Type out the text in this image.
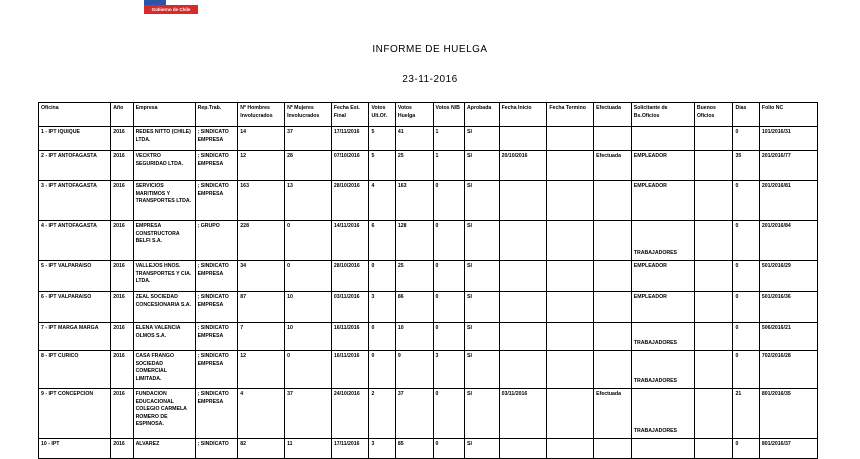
Gobierno de Chile
INFORME DE HUELGA
23-11-2016
Oficina	Año	Empresa	Rep.Trab.	Nº Hombres Involucrados	Nº Mujeres Involucrados	Fecha Est. Final	Votos Ult.Of.	Votos Huelga	Votos N/B	Aprobada	Fecha Inicio	Fecha Termino	Efectuada	Solicitante de Bs.Oficios	Buenos Oficios	Días	Folio NC
1 - IPT IQUIQUE	2016	REDES NITTO (CHILE) LTDA.	; SINDICATO EMPRESA	14	37	17/11/2016	5	41	1	SI						0	101/2016/31
2 - IPT ANTOFAGASTA	2016	VECKTRO SEGURIDAD LTDA.	; SINDICATO EMPRESA	12	28	07/10/2016	5	25	1	SI	20/10/2016		Efectuada	EMPLEADOR		35	201/2016/77
3 - IPT ANTOFAGASTA	2016	SERVICIOS MARITIMOS Y TRANSPORTES LTDA.	; SINDICATO EMPRESA	163	13	28/10/2016	4	163	0	SI				EMPLEADOR		0	201/2016/81
4 - IPT ANTOFAGASTA	2016	EMPRESA CONSTRUCTORA BELFI S.A.	; GRUPO	228	0	14/11/2016	6	128	0	SI				TRABAJADORES		0	201/2016/84
5 - IPT VALPARAISO	2016	VALLEJOS HNOS. TRANSPORTES Y CIA. LTDA.	; SINDICATO EMPRESA	34	0	28/10/2016	0	25	0	SI				EMPLEADOR		0	501/2016/29
6 - IPT VALPARAISO	2016	ZEAL SOCIEDAD CONCESIONARIA S.A.	; SINDICATO EMPRESA	87	10	03/11/2016	3	86	0	SI				EMPLEADOR		0	501/2016/36
7 - IPT MARGA MARGA	2016	ELENA VALENCIA OLMOS S.A.	; SINDICATO EMPRESA	7	10	16/11/2016	0	10	0	SI				TRABAJADORES		0	506/2016/21
8 - IPT CURICO	2016	CASA FRANGO SOCIEDAD COMERCIAL LIMITADA.	; SINDICATO EMPRESA	12	0	16/11/2016	0	9	3	SI				TRABAJADORES		0	702/2016/28
9 - IPT CONCEPCION	2016	FUNDACION EDUCACIONAL COLEGIO CARMELA ROMERO DE ESPINOSA.	; SINDICATO EMPRESA	4	37	24/10/2016	2	37	0	SI	03/11/2016		Efectuada	TRABAJADORES		21	801/2016/35
10 - IPT	2016	ALVAREZ	; SINDICATO	82	11	17/11/2016	3	85	0	SI						0	801/2016/37
